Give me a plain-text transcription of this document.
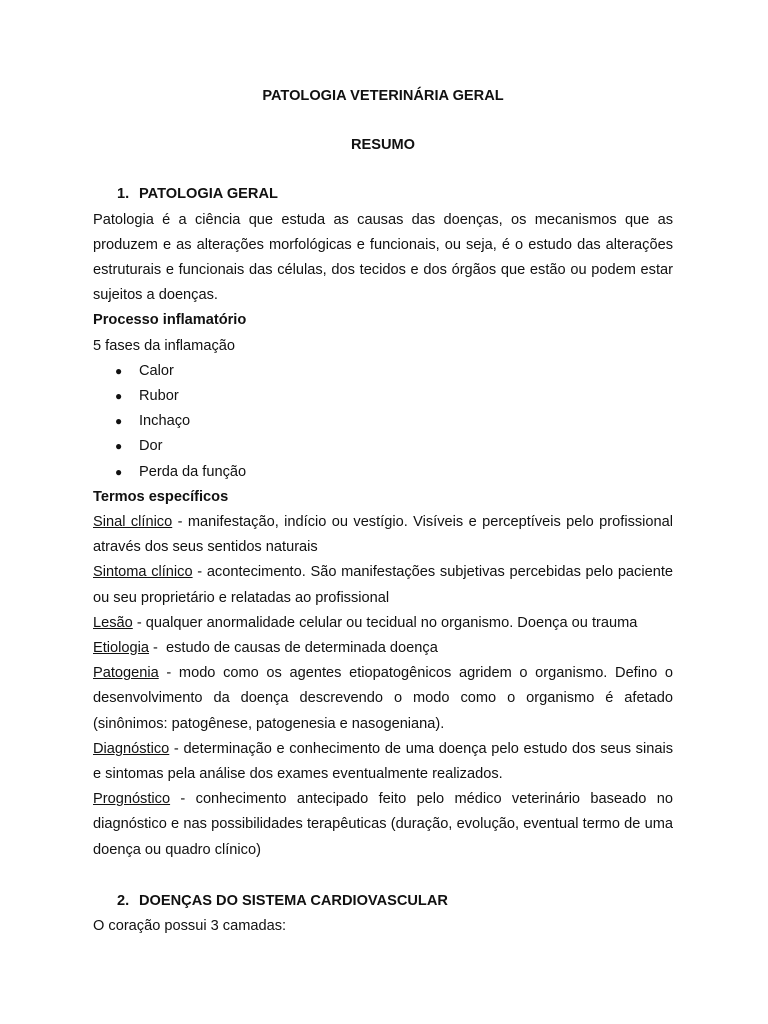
PATOLOGIA VETERINÁRIA GERAL
RESUMO
1. PATOLOGIA GERAL

Patologia é a ciência que estuda as causas das doenças, os mecanismos que as produzem e as alterações morfológicas e funcionais, ou seja, é o estudo das alterações estruturais e funcionais das células, dos tecidos e dos órgãos que estão ou podem estar sujeitos a doenças.

Processo inflamatório

5 fases da inflamação

● Calor
● Rubor
● Inchaço
● Dor
● Perda da função

Termos específicos

Sinal clínico - manifestação, indício ou vestígio. Visíveis e perceptíveis pelo profissional através dos seus sentidos naturais

Sintoma clínico - acontecimento. São manifestações subjetivas percebidas pelo paciente ou seu proprietário e relatadas ao profissional

Lesão - qualquer anormalidade celular ou tecidual no organismo. Doença ou trauma

Etiologia -  estudo de causas de determinada doença

Patogenia - modo como os agentes etiopatogênicos agridem o organismo. Defino o desenvolvimento da doença descrevendo o modo como o organismo é afetado (sinônimos: patogênese, patogenesia e nasogeniana).

Diagnóstico - determinação e conhecimento de uma doença pelo estudo dos seus sinais e sintomas pela análise dos exames eventualmente realizados.

Prognóstico - conhecimento antecipado feito pelo médico veterinário baseado no diagnóstico e nas possibilidades terapêuticas (duração, evolução, eventual termo de uma doença ou quadro clínico)

2. DOENÇAS DO SISTEMA CARDIOVASCULAR

O coração possui 3 camadas:
